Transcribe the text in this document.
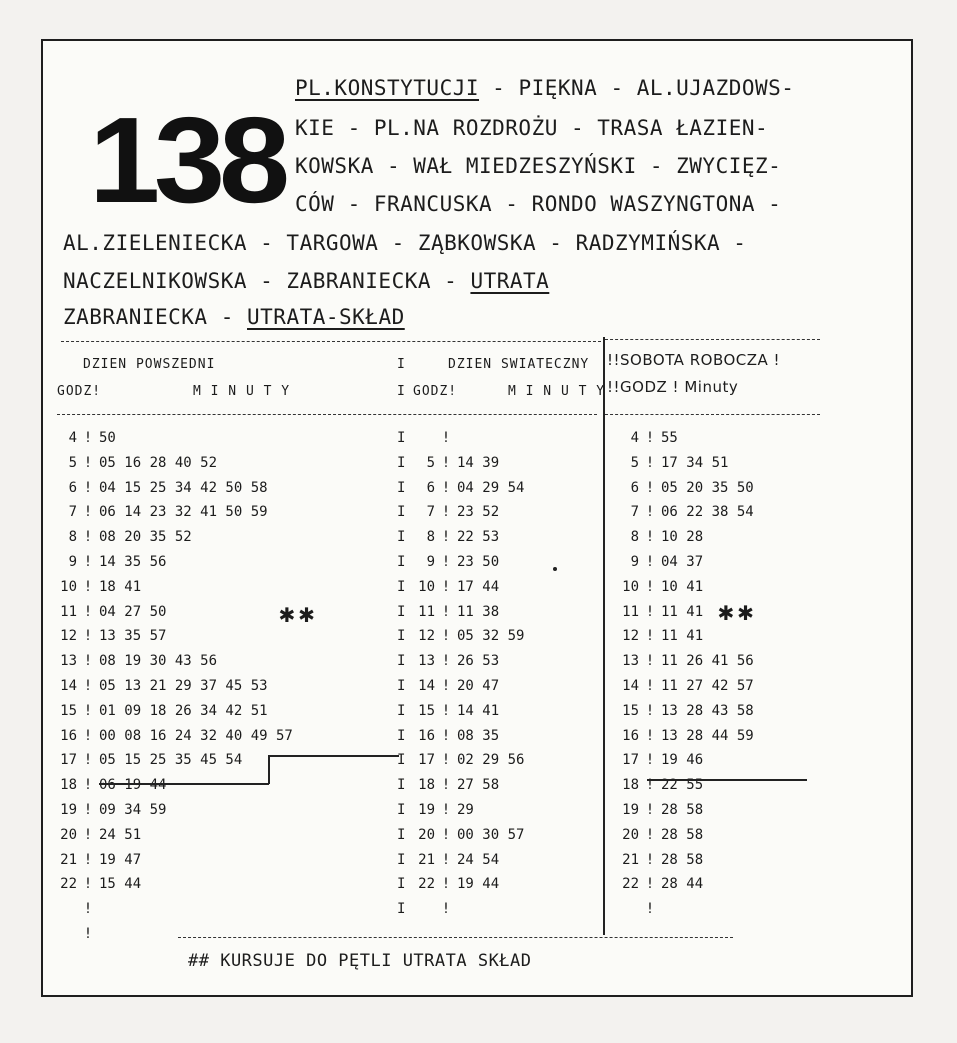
138
PL.KONSTYTUCJI - PIĘKNA - AL.UJAZDOWS-
KIE - PL.NA ROZDROŻU - TRASA ŁAZIEN-
KOWSKA - WAŁ MIEDZESZYŃSKI - ZWYCIĘZ-
CÓW - FRANCUSKA - RONDO WASZYNGTONA -
AL.ZIELENIECKA - TARGOWA - ZĄBKOWSKA - RADZYMIŃSKA -
NACZELNIKOWSKA - ZABRANIECKA - UTRATA
ZABRANIECKA - UTRATA-SKŁAD
DZIEN POWSZEDNI
GODZ!	M I N U T Y
DZIEN SWIATECZNY
GODZ!	M I N U T Y
I
I
!!SOBOTA ROBOCZA !
!!GODZ ! Minuty
4 ! 50
5 ! 05 16 28 40 52
6 ! 04 15 25 34 42 50 58
7 ! 06 14 23 32 41 50 59
8 ! 08 20 35 52
9 ! 14 35 56
10 ! 18 41
11 ! 04 27 50
12 ! 13 35 57
13 ! 08 19 30 43 56
14 ! 05 13 21 29 37 45 53
15 ! 01 09 18 26 34 42 51
16 ! 00 08 16 24 32 40 49 57
17 ! 05 15 25 35 45 54
18 ! 06 19 44
19 ! 09 34 59
20 ! 24 51
21 ! 19 47
22 ! 15 44
!
!
I
I
I
I
I
I
I
I
I
I
I
I
I
I
I
I
I
I
I
I
!
5 ! 14 39
6 ! 04 29 54
7 ! 23 52
8 ! 22 53
9 ! 23 50
10 ! 17 44
11 ! 11 38
12 ! 05 32 59
13 ! 26 53
14 ! 20 47
15 ! 14 41
16 ! 08 35
17 ! 02 29 56
18 ! 27 58
19 ! 29
20 ! 00 30 57
21 ! 24 54
22 ! 19 44
!
4 ! 55
5 ! 17 34 51
6 ! 05 20 35 50
7 ! 06 22 38 54
8 ! 10 28
9 ! 04 37
10 ! 10 41
11 ! 11 41
12 ! 11 41
13 ! 11 26 41 56
14 ! 11 27 42 57
15 ! 13 28 43 58
16 ! 13 28 44 59
17 ! 19 46
18 ! 22 55
19 ! 28 58
20 ! 28 58
21 ! 28 58
22 ! 28 44
!
✱✱	✱✱
## KURSUJE DO PĘTLI UTRATA SKŁAD
